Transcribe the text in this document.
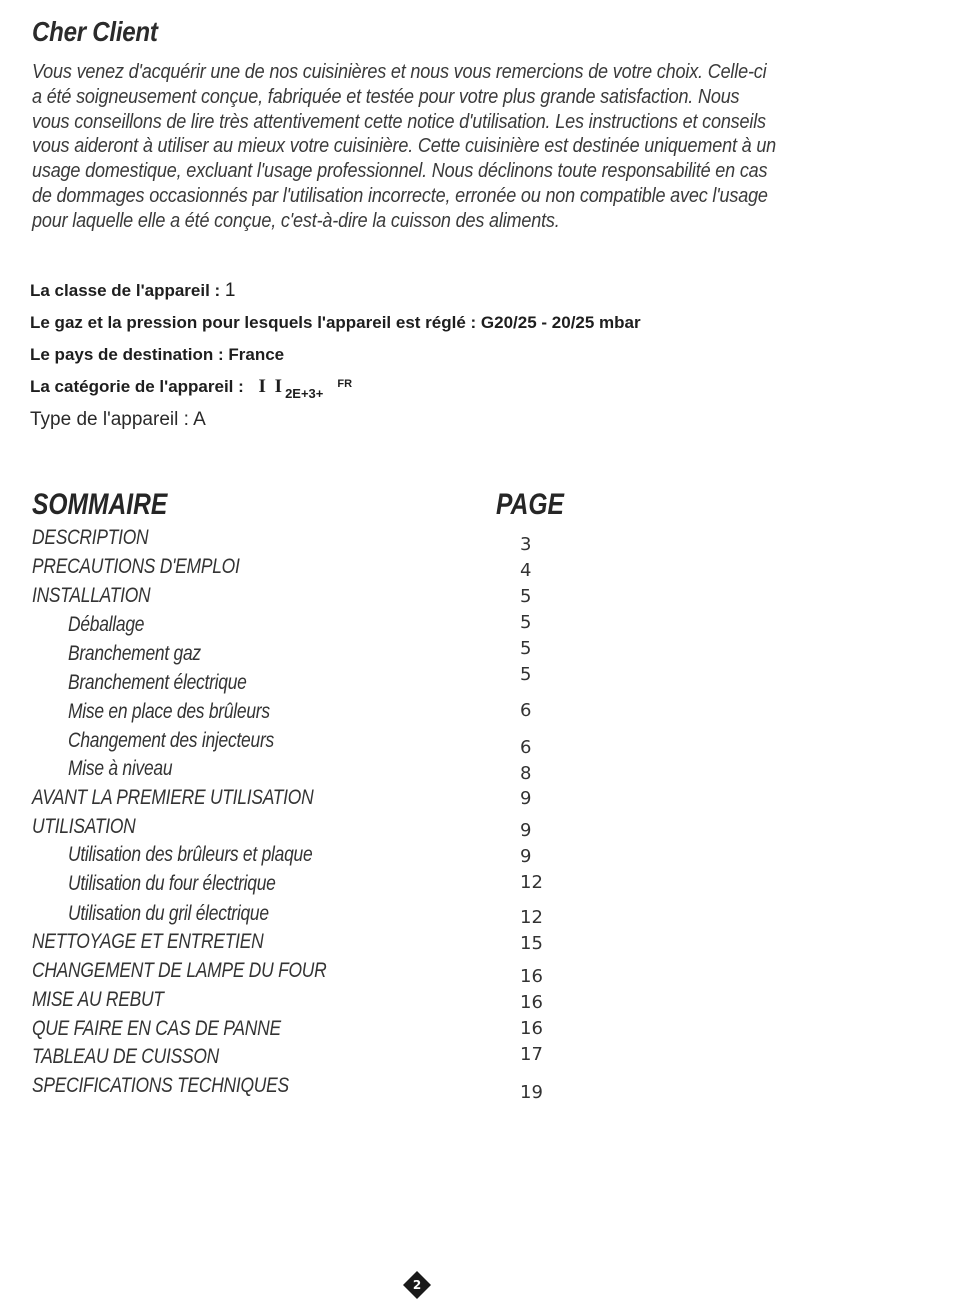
Cher Client
Vous venez d'acquérir une de nos cuisinières et nous vous remercions de votre choix. Celle-ci
a été soigneusement conçue, fabriquée et testée pour votre plus grande satisfaction. Nous
vous conseillons de lire très attentivement cette notice d'utilisation. Les instructions et conseils
vous aideront à utiliser au mieux votre cuisinière. Cette cuisinière est destinée uniquement à un
usage domestique, excluant l'usage professionnel. Nous déclinons toute responsabilité en cas
de dommages occasionnés par l'utilisation incorrecte, erronée ou non compatible avec l'usage
pour laquelle elle a été conçue, c'est-à-dire la cuisson des aliments.
La classe de l'appareil : 1
Le gaz et la pression pour lesquels l'appareil est réglé : G20/25 - 20/25 mbar
Le pays de destination : France
La catégorie de l'appareil : I $I_{2E+3+}^{FR}$
Type de l'appareil : A
SOMMAIRE	PAGE
DESCRIPTION	3
PRECAUTIONS D'EMPLOI	4
INSTALLATION	5
Déballage	5
Branchement gaz	5
Branchement électrique	5
Mise en place des brûleurs	6
Changement des injecteurs	6
Mise à niveau	8
AVANT LA PREMIERE UTILISATION	9
UTILISATION	9
Utilisation des brûleurs et plaque	9
Utilisation du four électrique	12
Utilisation du gril électrique	12
NETTOYAGE ET ENTRETIEN	15
CHANGEMENT DE LAMPE DU FOUR	16
MISE AU REBUT	16
QUE FAIRE EN CAS DE PANNE	16
TABLEAU DE CUISSON	17
SPECIFICATIONS TECHNIQUES	19
2
